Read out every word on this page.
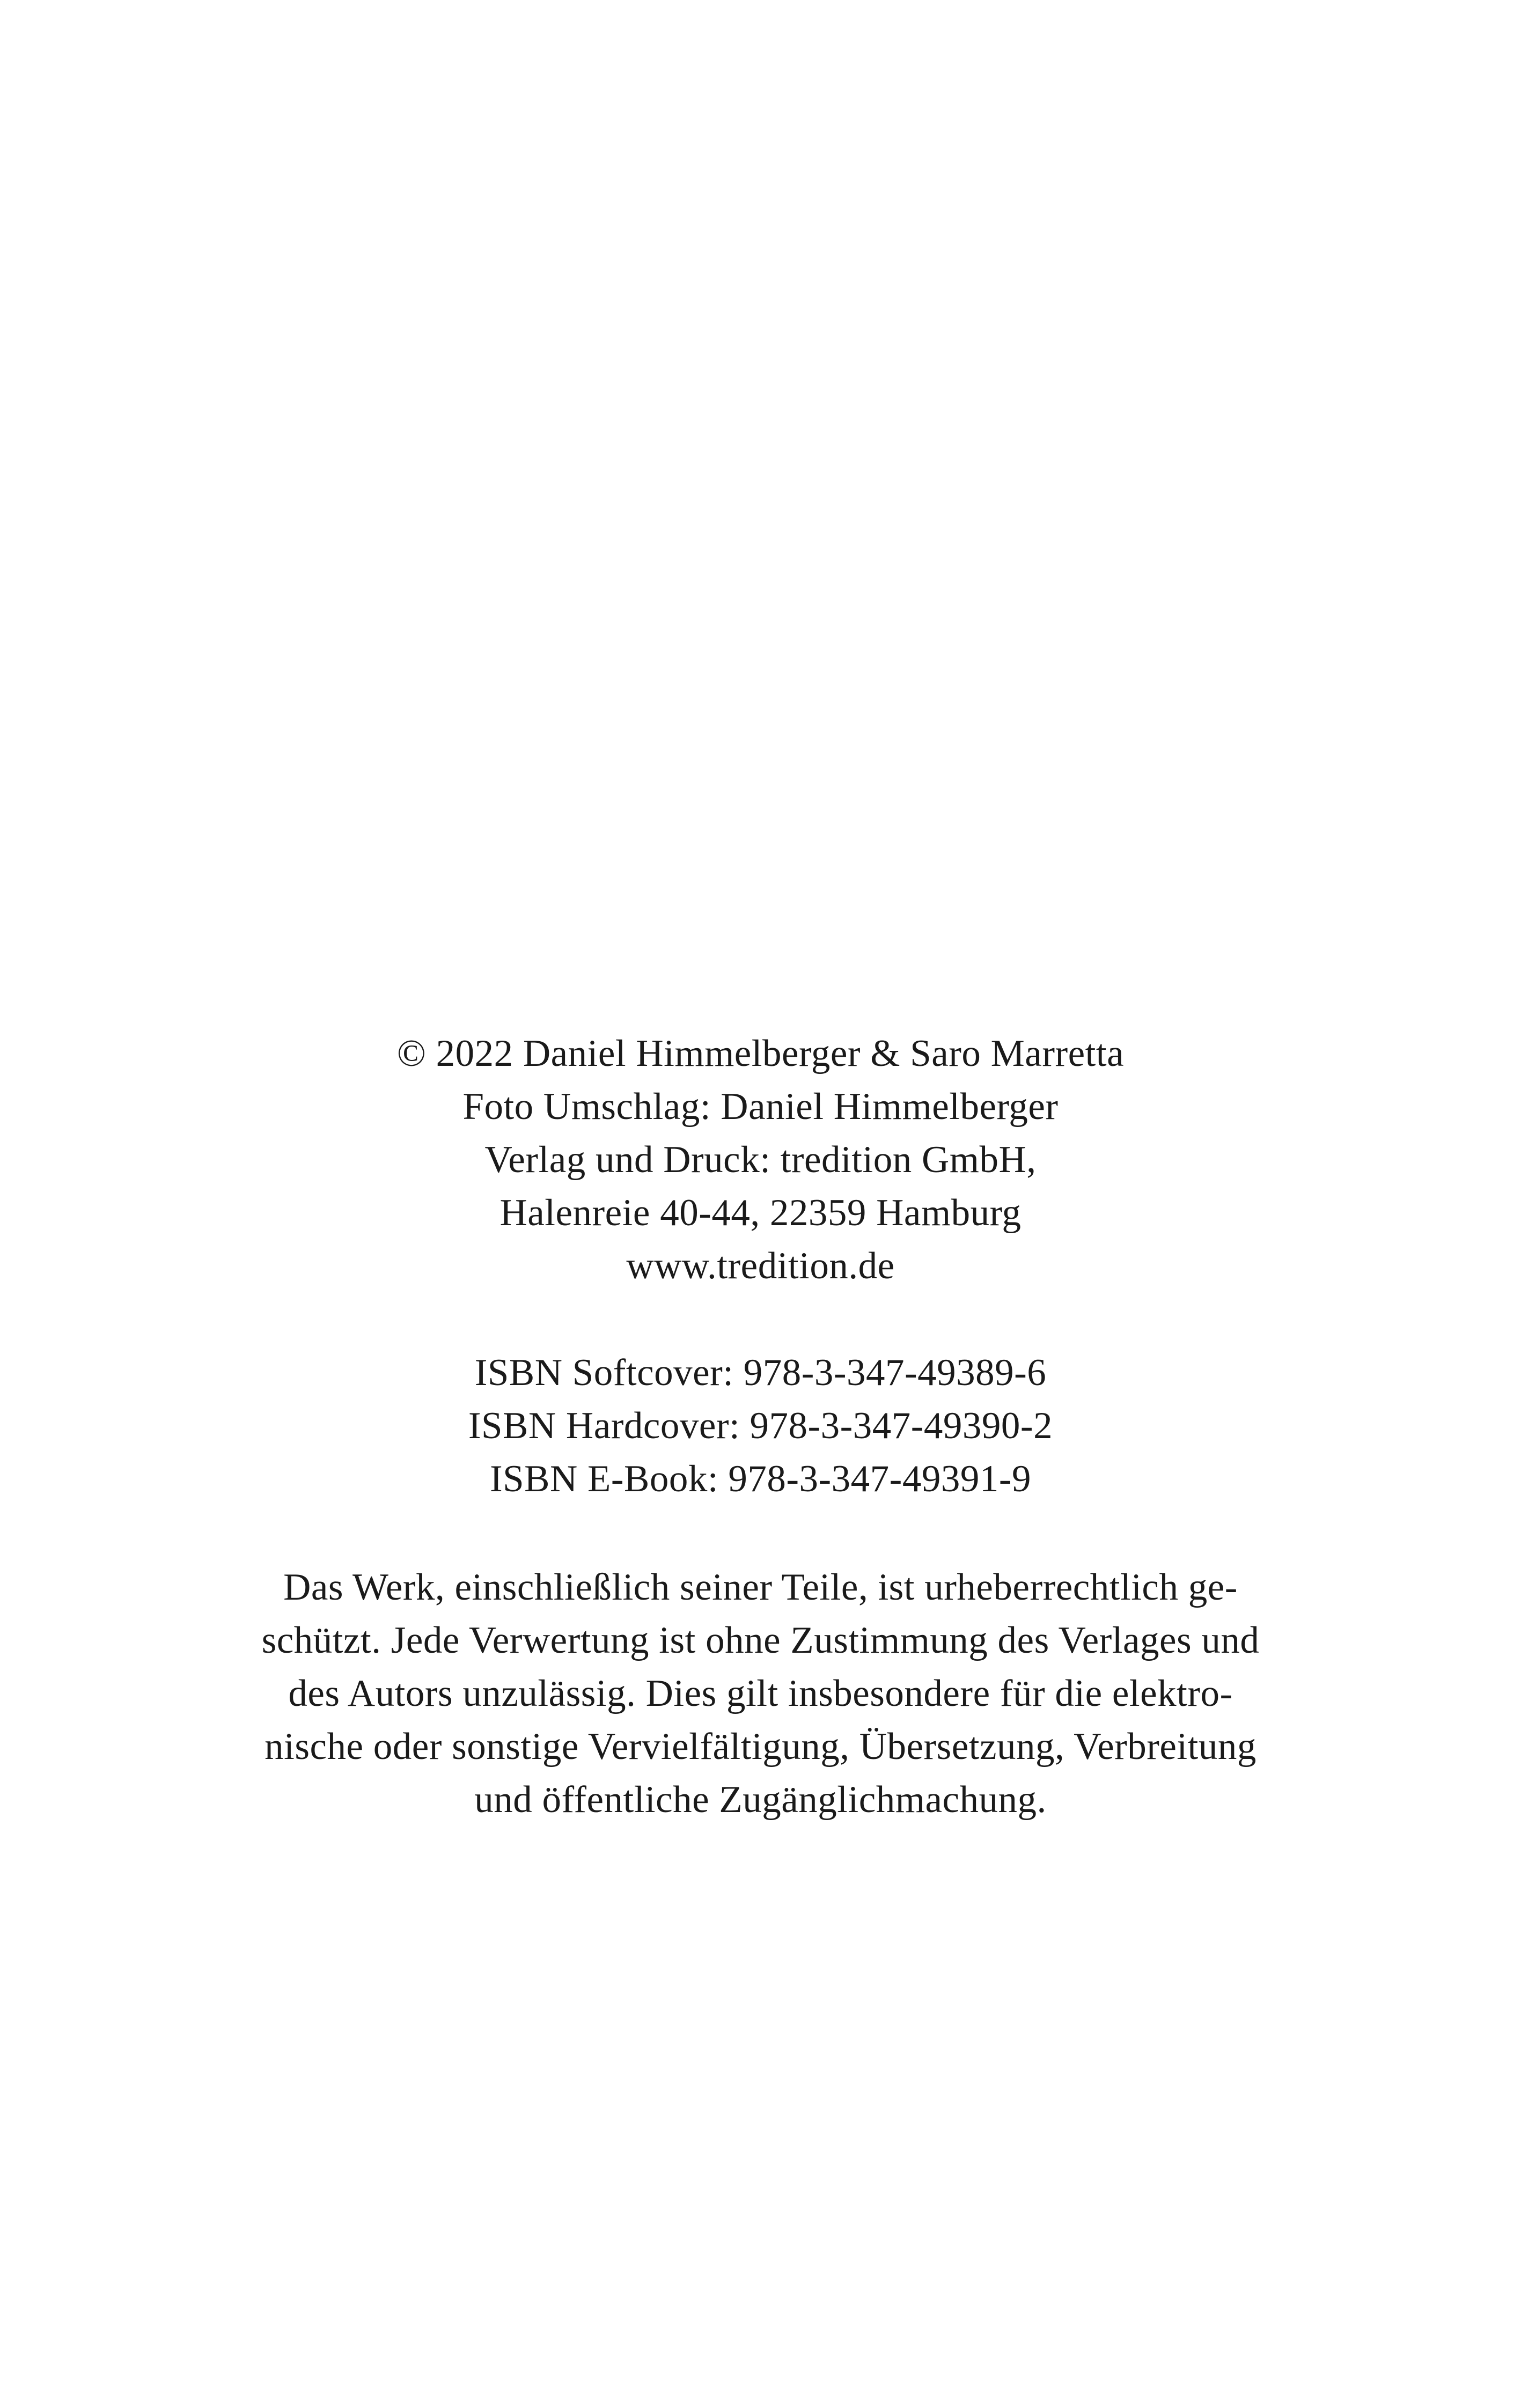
© 2022 Daniel Himmelberger & Saro Marretta
Foto Umschlag: Daniel Himmelberger
Verlag und Druck: tredition GmbH,
Halenreie 40-44, 22359 Hamburg
www.tredition.de
ISBN Softcover: 978-3-347-49389-6
ISBN Hardcover: 978-3-347-49390-2
ISBN E-Book: 978-3-347-49391-9
Das Werk, einschließlich seiner Teile, ist urheberrechtlich ge-
schützt. Jede Verwertung ist ohne Zustimmung des Verlages und
des Autors unzulässig. Dies gilt insbesondere für die elektro-
nische oder sonstige Vervielfältigung, Übersetzung, Verbreitung
und öffentliche Zugänglichmachung.
